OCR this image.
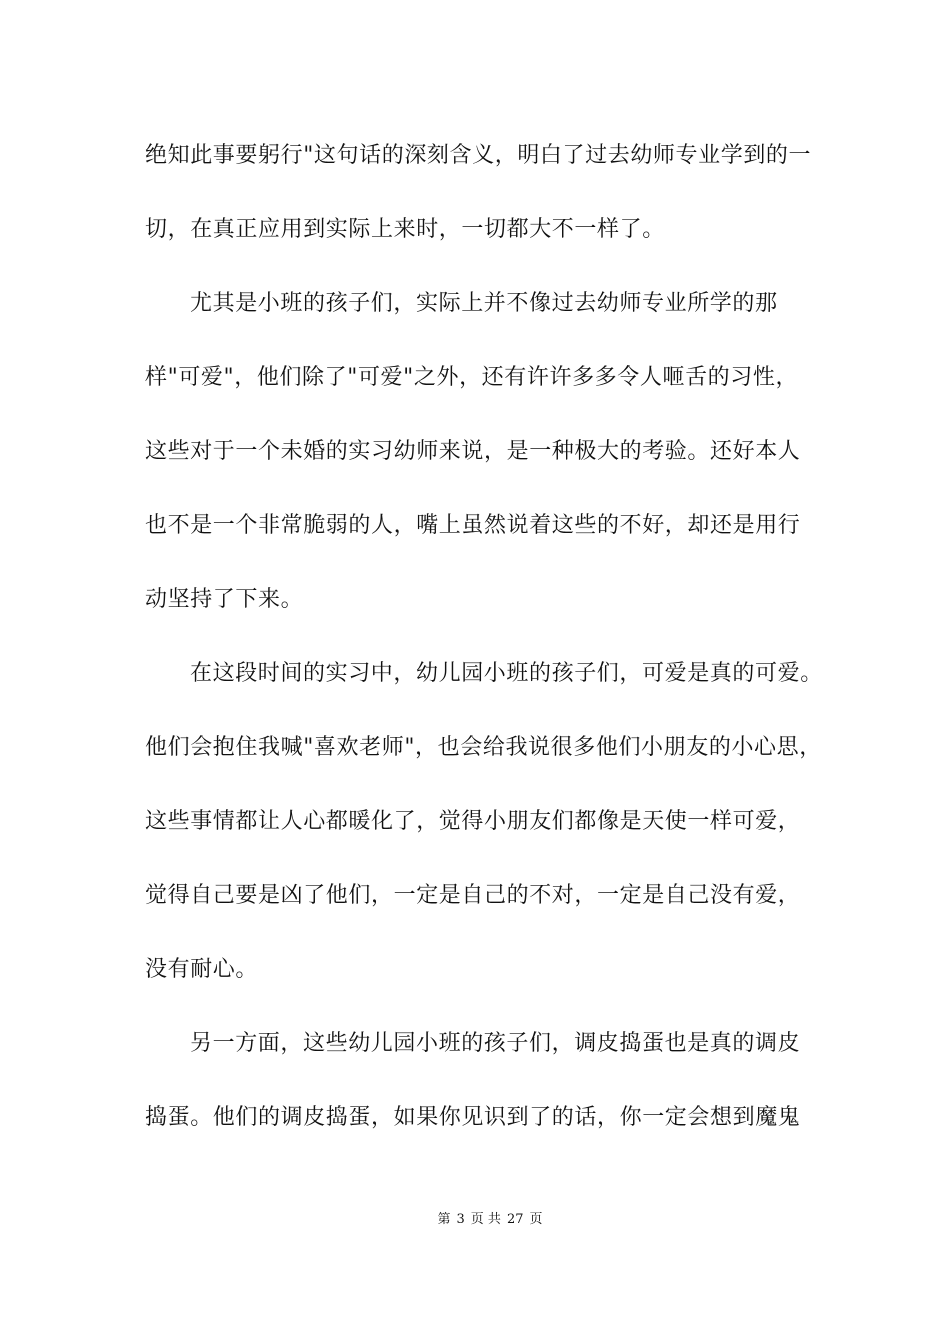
绝知此事要躬行"这句话的深刻含义，明白了过去幼师专业学到的一
切，在真正应用到实际上来时，一切都大不一样了。
尤其是小班的孩子们，实际上并不像过去幼师专业所学的那
样"可爱"，他们除了"可爱"之外，还有许许多多令人咂舌的习性，
这些对于一个未婚的实习幼师来说，是一种极大的考验。还好本人
也不是一个非常脆弱的人，嘴上虽然说着这些的不好，却还是用行
动坚持了下来。
在这段时间的实习中，幼儿园小班的孩子们，可爱是真的可爱。
他们会抱住我喊"喜欢老师"，也会给我说很多他们小朋友的小心思，
这些事情都让人心都暖化了，觉得小朋友们都像是天使一样可爱，
觉得自己要是凶了他们，一定是自己的不对，一定是自己没有爱，
没有耐心。
另一方面，这些幼儿园小班的孩子们，调皮捣蛋也是真的调皮
捣蛋。他们的调皮捣蛋，如果你见识到了的话，你一定会想到魔鬼
第 3 页 共 27 页
